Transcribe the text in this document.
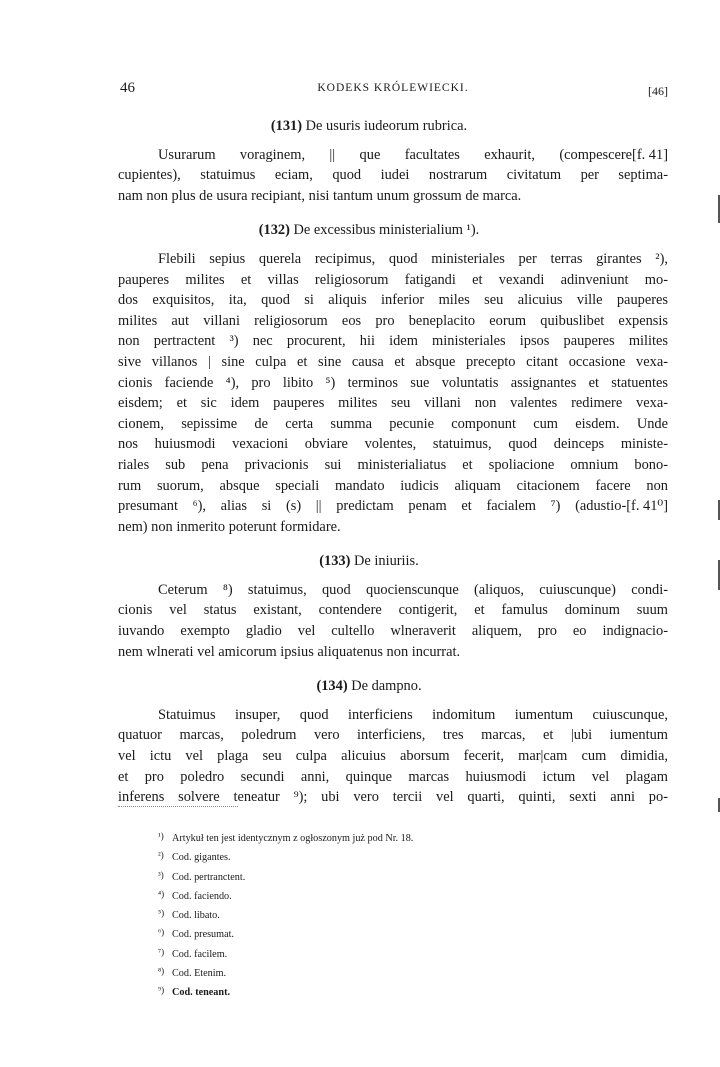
46	KODEKS KRÓLEWIECKI.	[46]
(131) De usuris iudeorum rubrica.
Usurarum voraginem, || que facultates exhaurit, (compescere [f. 41]
cupientes), statuimus eciam, quod iudei nostrarum civitatum per septima-
nam non plus de usura recipiant, nisi tantum unum grossum de marca.
(132) De excessibus ministerialium ¹).
Flebili sepius querela recipimus, quod ministeriales per terras girantes ²),
pauperes milites et villas religiosorum fatigandi et vexandi adinveniunt mo-
dos exquisitos, ita, quod si aliquis inferior miles seu alicuius ville pauperes
milites aut villani religiosorum eos pro beneplacito eorum quibuslibet expensis
non pertractent ³) nec procurent, hii idem ministeriales ipsos pauperes milites
sive villanos | sine culpa et sine causa et absque precepto citant occasione vexa-
cionis faciende ⁴), pro libito ⁵) terminos sue voluntatis assignantes et statuentes
eisdem; et sic idem pauperes milites seu villani non valentes redimere vexa-
cionem, sepissime de certa summa pecunie componunt cum eisdem. Unde
nos huiusmodi vexacioni obviare volentes, statuimus, quod deinceps ministe-
riales sub pena privacionis sui ministerialiatus et spoliacione omnium bono-
rum suorum, absque speciali mandato iudicis aliquam citacionem facere non
presumant ⁶), alias si (s) || predictam penam et facialem ⁷) (adustio- [f. 41⁰]
nem) non inmerito poterunt formidare.
(133) De iniuriis.
Ceterum ⁸) statuimus, quod quocienscunque (aliquos, cuiuscunque) condi-
cionis vel status existant, contendere contigerit, et famulus dominum suum
iuvando exempto gladio vel cultello wlneraverit aliquem, pro eo indignacio-
nem wlnerati vel amicorum ipsius aliquatenus non incurrat.
(134) De dampno.
Statuimus insuper, quod interficiens indomitum iumentum cuiuscunque,
quatuor marcas, poledrum vero interficiens, tres marcas, et |ubi iumentum
vel ictu vel plaga seu culpa alicuius aborsum fecerit, mar|cam cum dimidia,
et pro poledro secundi anni, quinque marcas huiusmodi ictum vel plagam
inferens solvere teneatur ⁹); ubi vero tercii vel quarti, quinti, sexti anni po-
¹) Artykuł ten jest identycznym z ogłoszonym już pod Nr. 18.
²) Cod. gigantes.
³) Cod. pertranctent.
⁴) Cod. faciendo.
⁵) Cod. libato.
⁶) Cod. presumat.
⁷) Cod. facilem.
⁸) Cod. Etenim.
⁹) Cod. teneant.
